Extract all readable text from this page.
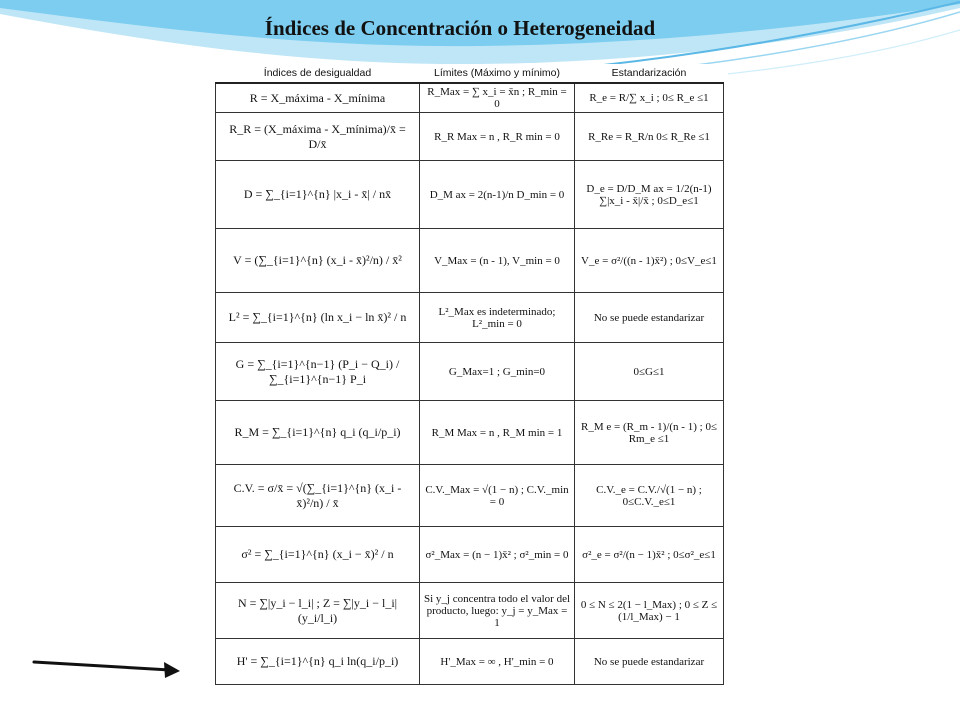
Índices de Concentración o Heterogeneidad
Índices de desigualdad	Límites (Máximo y mínimo)	Estandarización
R = X_máxima - X_mínima	R_Max = ∑ x_i = x̄n ; R_min = 0	R_e = R/∑ x_i ; 0≤ R_e ≤1
R_R = (X_máxima - X_mínima)/x̄ = D/x̄	R_R Max = n , R_R min = 0	R_Re = R_R/n 0≤ R_Re ≤1
D = ∑_{i=1}^{n} |x_i - x̄| / nx̄	D_M ax = 2(n-1)/n D_min = 0	D_e = D/D_M ax = 1/2(n-1) ∑|x_i - x̄|/x̄ ; 0≤D_e≤1
V = (∑_{i=1}^{n} (x_i - x̄)²/n) / x̄²	V_Max = (n - 1), V_min = 0	V_e = σ²/((n - 1)x̄²) ; 0≤V_e≤1
L² = ∑_{i=1}^{n} (ln x_i − ln x̄)² / n	L²_Max es indeterminado; L²_min = 0	No se puede estandarizar
G = ∑_{i=1}^{n−1} (P_i − Q_i) / ∑_{i=1}^{n−1} P_i	G_Max=1 ; G_min=0	0≤G≤1
R_M = ∑_{i=1}^{n} q_i (q_i/p_i)	R_M Max = n , R_M min = 1	R_M e = (R_m - 1)/(n - 1) ; 0≤ Rm_e ≤1
C.V. = σ/x̄ = √(∑_{i=1}^{n} (x_i - x̄)²/n) / x̄	C.V._Max = √(1 − n) ; C.V._min = 0	C.V._e = C.V./√(1 − n) ; 0≤C.V._e≤1
σ² = ∑_{i=1}^{n} (x_i − x̄)² / n	σ²_Max = (n − 1)x̄² ; σ²_min = 0	σ²_e = σ²/(n − 1)x̄² ; 0≤σ²_e≤1
N = ∑|y_i − l_i| ; Z = ∑|y_i − l_i|(y_i/l_i)	Si y_j concentra todo el valor del producto, luego: y_j = y_Max = 1	0 ≤ N ≤ 2(1 − l_Max) ; 0 ≤ Z ≤ (1/l_Max) − 1
H' = ∑_{i=1}^{n} q_i ln(q_i/p_i)	H'_Max = ∞ , H'_min = 0	No se puede estandarizar
